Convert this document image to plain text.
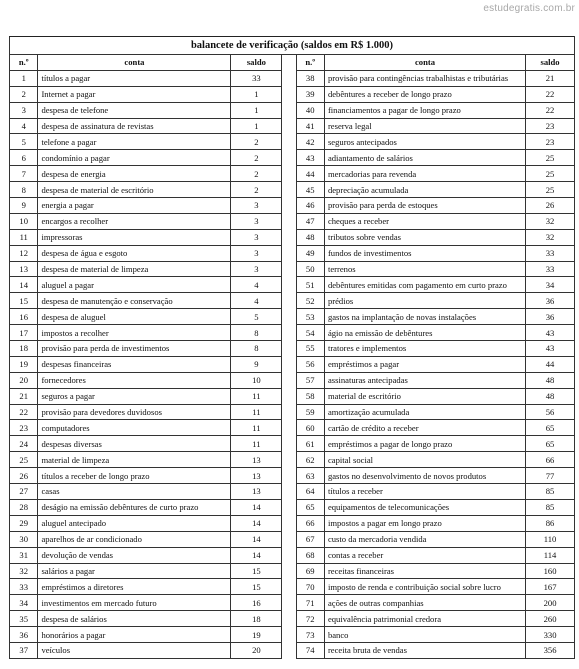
estudegratis.com.br
balancete de verificação (saldos em R$ 1.000)						
n.º	conta	saldo		n.º	conta	saldo
1	títulos a pagar	33		38	provisão para contingências trabalhistas e tributárias	21
2	Internet a pagar	1		39	debêntures a receber de longo prazo	22
3	despesa de telefone	1		40	financiamentos a pagar de longo prazo	22
4	despesa de assinatura de revistas	1		41	reserva legal	23
5	telefone a pagar	2		42	seguros antecipados	23
6	condomínio a pagar	2		43	adiantamento de salários	25
7	despesa de energia	2		44	mercadorias para revenda	25
8	despesa de material de escritório	2		45	depreciação acumulada	25
9	energia a pagar	3		46	provisão para perda de estoques	26
10	encargos a recolher	3		47	cheques a receber	32
11	impressoras	3		48	tributos sobre vendas	32
12	despesa de água e esgoto	3		49	fundos de investimentos	33
13	despesa de material de limpeza	3		50	terrenos	33
14	aluguel a pagar	4		51	debêntures emitidas com pagamento em curto prazo	34
15	despesa de manutenção e conservação	4		52	prédios	36
16	despesa de aluguel	5		53	gastos na implantação de novas instalações	36
17	impostos a recolher	8		54	ágio na emissão de debêntures	43
18	provisão para perda de investimentos	8		55	tratores e implementos	43
19	despesas financeiras	9		56	empréstimos a pagar	44
20	fornecedores	10		57	assinaturas antecipadas	48
21	seguros a pagar	11		58	material de escritório	48
22	provisão para devedores duvidosos	11		59	amortização acumulada	56
23	computadores	11		60	cartão de crédito a receber	65
24	despesas diversas	11		61	empréstimos a pagar de longo prazo	65
25	material de limpeza	13		62	capital social	66
26	títulos a receber de longo prazo	13		63	gastos no desenvolvimento de novos produtos	77
27	casas	13		64	títulos a receber	85
28	deságio na emissão debêntures de curto prazo	14		65	equipamentos de telecomunicações	85
29	aluguel antecipado	14		66	impostos a pagar em longo prazo	86
30	aparelhos de ar condicionado	14		67	custo da mercadoria vendida	110
31	devolução de vendas	14		68	contas a receber	114
32	salários a pagar	15		69	receitas financeiras	160
33	empréstimos a diretores	15		70	imposto de renda e contribuição social sobre lucro	167
34	investimentos em mercado futuro	16		71	ações de outras companhias	200
35	despesa de salários	18		72	equivalência patrimonial credora	260
36	honorários a pagar	19		73	banco	330
37	veículos	20		74	receita bruta de vendas	356
